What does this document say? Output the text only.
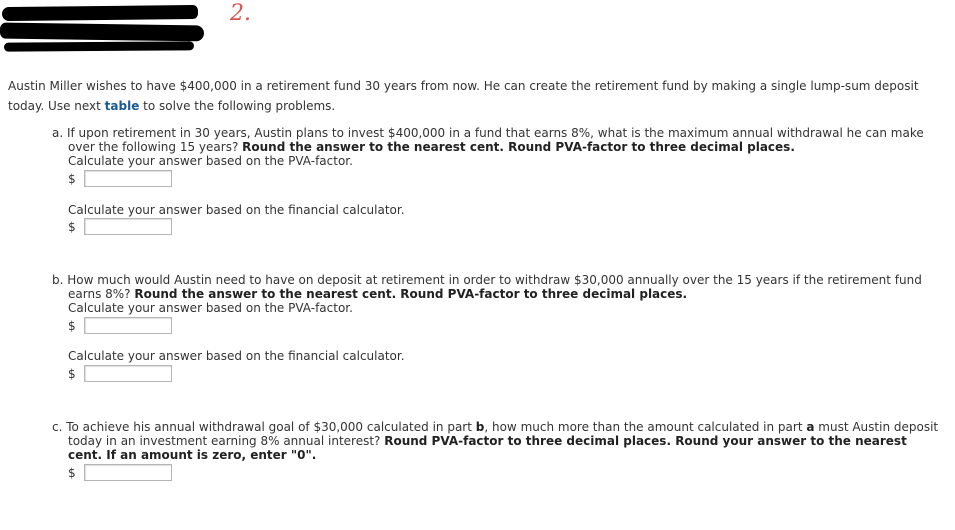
2.
Austin Miller wishes to have $400,000 in a retirement fund 30 years from now. He can create the retirement fund by making a single lump-sum deposit today. Use next table to solve the following problems.
a. If upon retirement in 30 years, Austin plans to invest $400,000 in a fund that earns 8%, what is the maximum annual withdrawal he can make over the following 15 years? Round the answer to the nearest cent. Round PVA-factor to three decimal places.
Calculate your answer based on the PVA-factor.
$
Calculate your answer based on the financial calculator.
$
b. How much would Austin need to have on deposit at retirement in order to withdraw $30,000 annually over the 15 years if the retirement fund earns 8%? Round the answer to the nearest cent. Round PVA-factor to three decimal places.
Calculate your answer based on the PVA-factor.
$
Calculate your answer based on the financial calculator.
$
c. To achieve his annual withdrawal goal of $30,000 calculated in part b, how much more than the amount calculated in part a must Austin deposit today in an investment earning 8% annual interest? Round PVA-factor to three decimal places. Round your answer to the nearest cent. If an amount is zero, enter "0".
$
